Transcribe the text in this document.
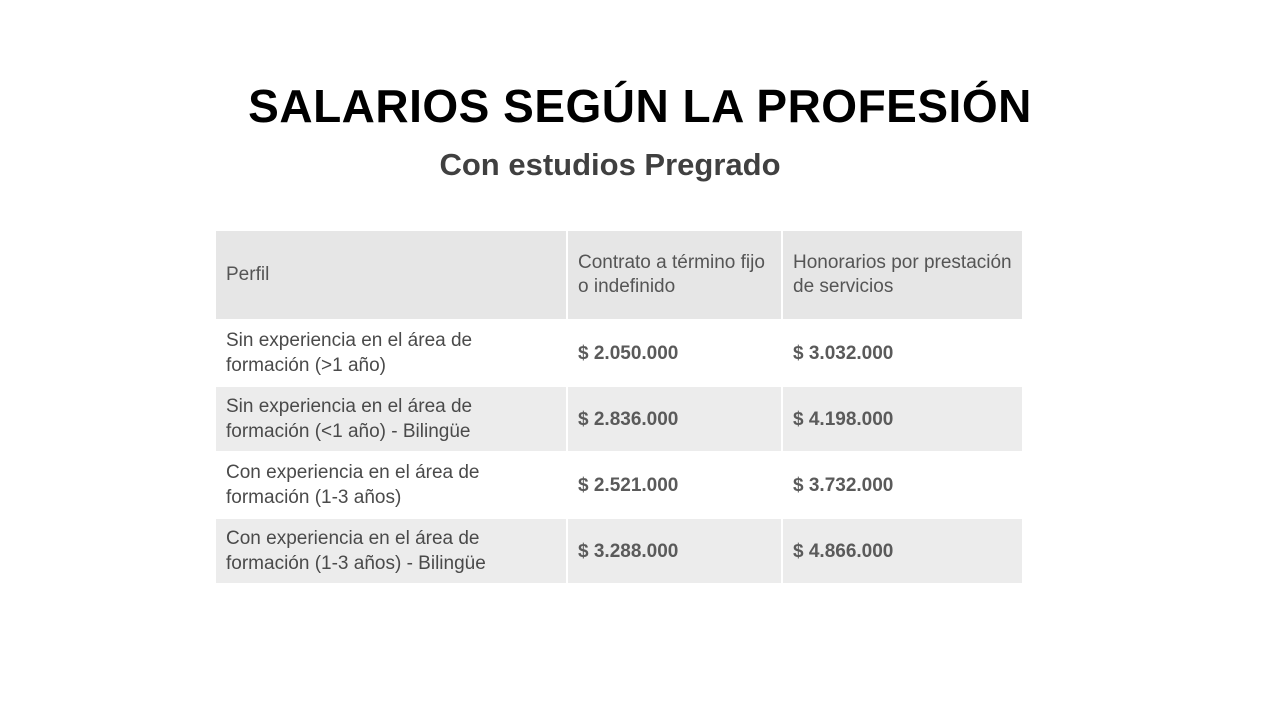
SALARIOS SEGÚN LA PROFESIÓN
Con estudios Pregrado
Perfil	Contrato a término fijo o indefinido	Honorarios por prestación de servicios
Sin experiencia en el área de formación (>1 año)	$ 2.050.000	$ 3.032.000
Sin experiencia en el área de formación (<1 año) - Bilingüe	$ 2.836.000	$ 4.198.000
Con experiencia en el área de formación (1-3 años)	$ 2.521.000	$ 3.732.000
Con experiencia en el área de formación (1-3 años) - Bilingüe	$ 3.288.000	$ 4.866.000
